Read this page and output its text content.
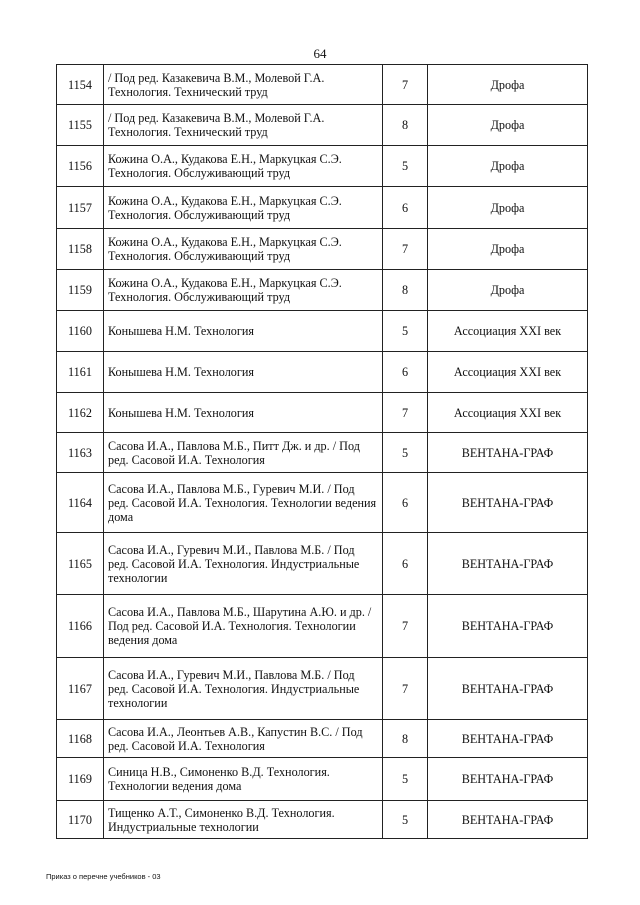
64
1154	/ Под ред. Казакевича В.М., Молевой Г.А. Технология. Технический труд	7	Дрофа
1155	/ Под ред. Казакевича В.М., Молевой Г.А. Технология. Технический труд	8	Дрофа
1156	Кожина О.А., Кудакова Е.Н., Маркуцкая С.Э. Технология. Обслуживающий труд	5	Дрофа
1157	Кожина О.А., Кудакова Е.Н., Маркуцкая С.Э. Технология. Обслуживающий труд	6	Дрофа
1158	Кожина О.А., Кудакова Е.Н., Маркуцкая С.Э. Технология. Обслуживающий труд	7	Дрофа
1159	Кожина О.А., Кудакова Е.Н., Маркуцкая С.Э. Технология. Обслуживающий труд	8	Дрофа
1160	Конышева Н.М. Технология	5	Ассоциация XXI век
1161	Конышева Н.М. Технология	6	Ассоциация XXI век
1162	Конышева Н.М. Технология	7	Ассоциация XXI век
1163	Сасова И.А., Павлова М.Б., Питт Дж. и др. / Под ред. Сасовой И.А. Технология	5	ВЕНТАНА-ГРАФ
1164	Сасова И.А., Павлова М.Б., Гуревич М.И. / Под ред. Сасовой И.А. Технология. Технологии ведения дома	6	ВЕНТАНА-ГРАФ
1165	Сасова И.А., Гуревич М.И., Павлова М.Б. / Под ред. Сасовой И.А. Технология. Индустриальные технологии	6	ВЕНТАНА-ГРАФ
1166	Сасова И.А., Павлова М.Б., Шарутина А.Ю. и др. / Под ред. Сасовой И.А. Технология. Технологии ведения дома	7	ВЕНТАНА-ГРАФ
1167	Сасова И.А., Гуревич М.И., Павлова М.Б. / Под ред. Сасовой И.А. Технология. Индустриальные технологии	7	ВЕНТАНА-ГРАФ
1168	Сасова И.А., Леонтьев А.В., Капустин В.С. / Под ред. Сасовой И.А. Технология	8	ВЕНТАНА-ГРАФ
1169	Синица Н.В., Симоненко В.Д. Технология. Технологии ведения дома	5	ВЕНТАНА-ГРАФ
1170	Тищенко А.Т., Симоненко В.Д. Технология. Индустриальные технологии	5	ВЕНТАНА-ГРАФ
Приказ о перечне учебников - 03
